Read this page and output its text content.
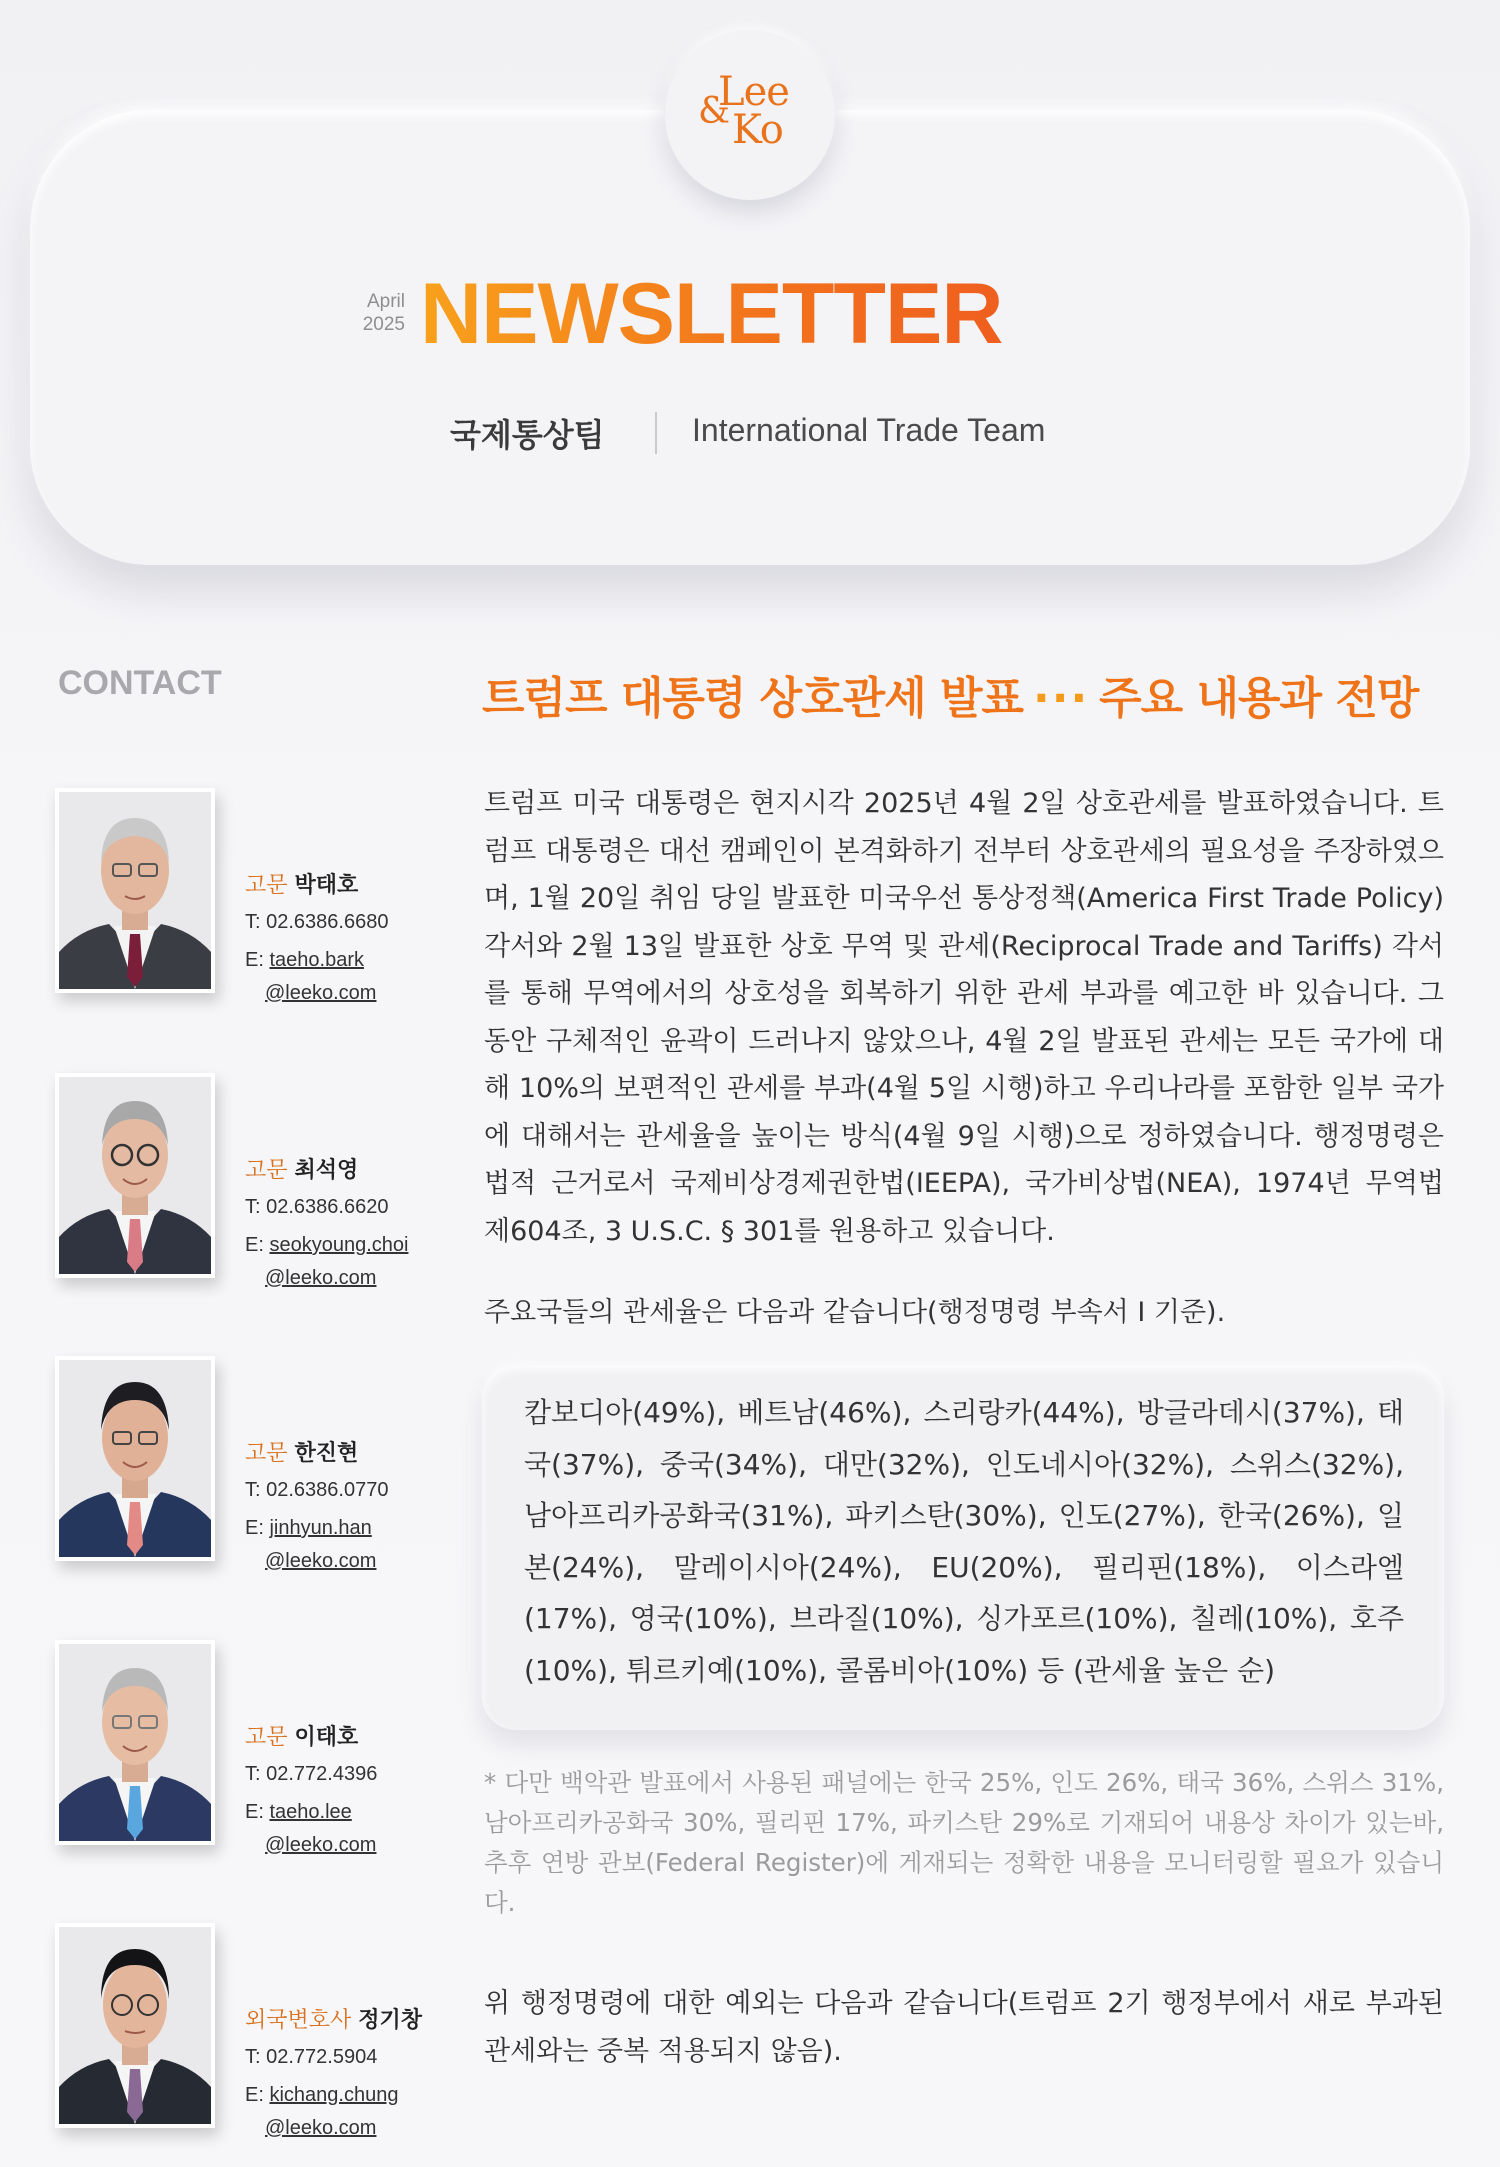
Lee
& Ko
April
2025 NEWSLETTER
국제통상팀	International Trade Team
CONTACT
고문 박태호
T: 02.6386.6680
E: taeho.bark
@leeko.com
고문 최석영
T: 02.6386.6620
E: seokyoung.choi
@leeko.com
고문 한진현
T: 02.6386.0770
E: jinhyun.han
@leeko.com
고문 이태호
T: 02.772.4396
E: taeho.lee
@leeko.com
외국변호사 정기창
T: 02.772.5904
E: kichang.chung
@leeko.com
트럼프 대통령 상호관세 발표 ··· 주요 내용과 전망
트럼프 미국 대통령은 현지시각 2025년 4월 2일 상호관세를 발표하였습니다. 트럼프 대통령은 대선 캠페인이 본격화하기 전부터 상호관세의 필요성을 주장하였으며, 1월 20일 취임 당일 발표한 미국우선 통상정책(America First Trade Policy) 각서와 2월 13일 발표한 상호 무역 및 관세(Reciprocal Trade and Tariffs) 각서를 통해 무역에서의 상호성을 회복하기 위한 관세 부과를 예고한 바 있습니다. 그동안 구체적인 윤곽이 드러나지 않았으나, 4월 2일 발표된 관세는 모든 국가에 대해 10%의 보편적인 관세를 부과(4월 5일 시행)하고 우리나라를 포함한 일부 국가에 대해서는 관세율을 높이는 방식(4월 9일 시행)으로 정하였습니다. 행정명령은 법적 근거로서 국제비상경제권한법(IEEPA), 국가비상법(NEA), 1974년 무역법 제604조, 3 U.S.C. § 301를 원용하고 있습니다.
주요국들의 관세율은 다음과 같습니다(행정명령 부속서 I 기준).
캄보디아(49%), 베트남(46%), 스리랑카(44%), 방글라데시(37%), 태국(37%), 중국(34%), 대만(32%), 인도네시아(32%), 스위스(32%), 남아프리카공화국(31%), 파키스탄(30%), 인도(27%), 한국(26%), 일본(24%), 말레이시아(24%), EU(20%), 필리핀(18%), 이스라엘(17%), 영국(10%), 브라질(10%), 싱가포르(10%), 칠레(10%), 호주(10%), 튀르키예(10%), 콜롬비아(10%) 등 (관세율 높은 순)
* 다만 백악관 발표에서 사용된 패널에는 한국 25%, 인도 26%, 태국 36%, 스위스 31%, 남아프리카공화국 30%, 필리핀 17%, 파키스탄 29%로 기재되어 내용상 차이가 있는바, 추후 연방 관보(Federal Register)에 게재되는 정확한 내용을 모니터링할 필요가 있습니다.
위 행정명령에 대한 예외는 다음과 같습니다(트럼프 2기 행정부에서 새로 부과된 관세와는 중복 적용되지 않음).
